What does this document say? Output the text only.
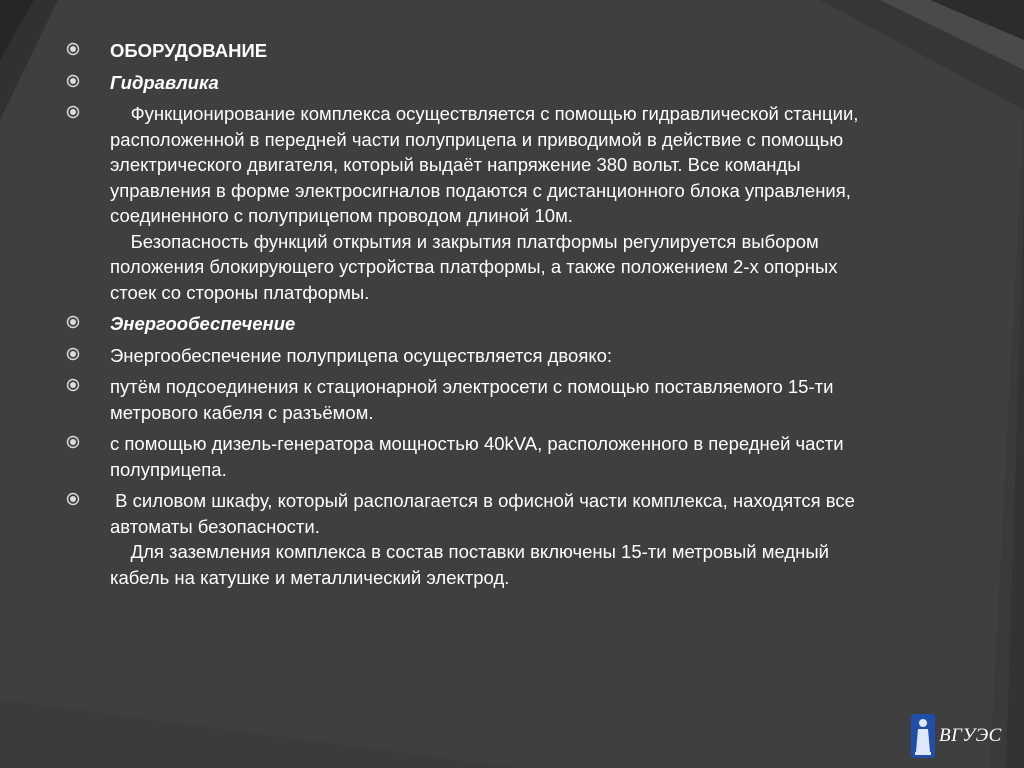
ОБОРУДОВАНИЕ

Гидравлика

Функционирование комплекса осуществляется с помощью гидравлической станции, расположенной в передней части полуприцепа и приводимой в действие с помощью электрического двигателя, который выдаёт напряжение 380 вольт. Все команды управления в форме электросигналов подаются с дистанционного блока управления, соединенного с полуприцепом проводом длиной 10м.

Безопасность функций открытия и закрытия платформы регулируется выбором положения блокирующего устройства платформы, а также положением 2-х опорных стоек со стороны платформы.

Энергообеспечение

Энергообеспечение полуприцепа осуществляется двояко:

путём подсоединения к стационарной электросети с помощью поставляемого 15-ти метрового кабеля с разъёмом.

с помощью дизель-генератора мощностью 40kVA, расположенного в передней части полуприцепа.

В силовом шкафу, который располагается в офисной части комплекса, находятся все автоматы безопасности.

Для заземления комплекса в состав поставки включены 15-ти метровый медный кабель на катушке и металлический электрод.

ВГУЭС
